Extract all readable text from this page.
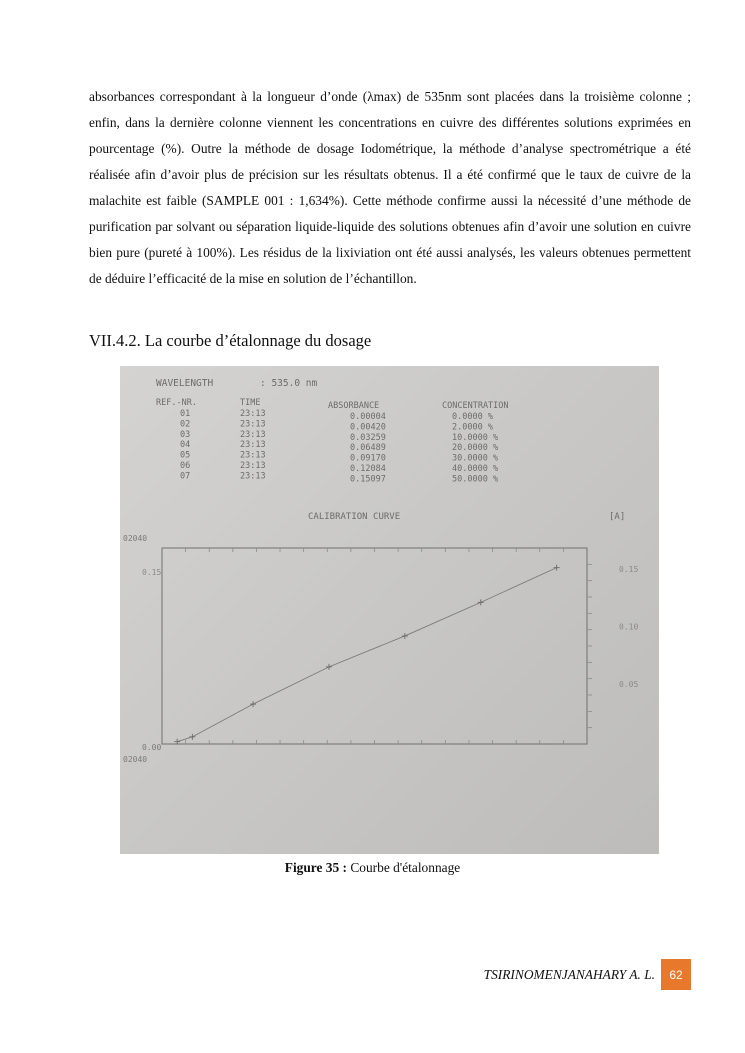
absorbances correspondant à la longueur d’onde (λmax) de 535nm sont placées dans la troisième colonne ; enfin, dans la dernière colonne viennent les concentrations en cuivre des différentes solutions exprimées en pourcentage (%). Outre la méthode de dosage Iodométrique, la méthode d’analyse spectrométrique a été réalisée afin d’avoir plus de précision sur les résultats obtenus. Il a été confirmé que le taux de cuivre de la malachite est faible (SAMPLE 001 : 1,634%). Cette méthode confirme aussi la nécessité d’une méthode de purification par solvant ou séparation liquide-liquide des solutions obtenues afin d’avoir une solution en cuivre bien pure (pureté à 100%). Les résidus de la lixiviation ont été aussi analysés, les valeurs obtenues permettent de déduire l’efficacité de la mise en solution de l’échantillon.

VII.4.2. La courbe d’étalonnage du dosage
WAVELENGTH	: 535.0 nm
REF.-NR.	TIME	ABSORBANCE	CONCENTRATION
01	23:13	0.00004	0.0000 %
02	23:13	0.00420	2.0000 %
03	23:13	0.03259	10.0000 %
04	23:13	0.06489	20.0000 %
05	23:13	0.09170	30.0000 %
06	23:13	0.12084	40.0000 %
07	23:13	0.15097	50.0000 %
CALIBRATION CURVE	[A]
02040
02040
0.00
0.15
0.05
0.10
0.15
Figure 35 : Courbe d'étalonnage
TSIRINOMENJANAHARY A. L.	62
